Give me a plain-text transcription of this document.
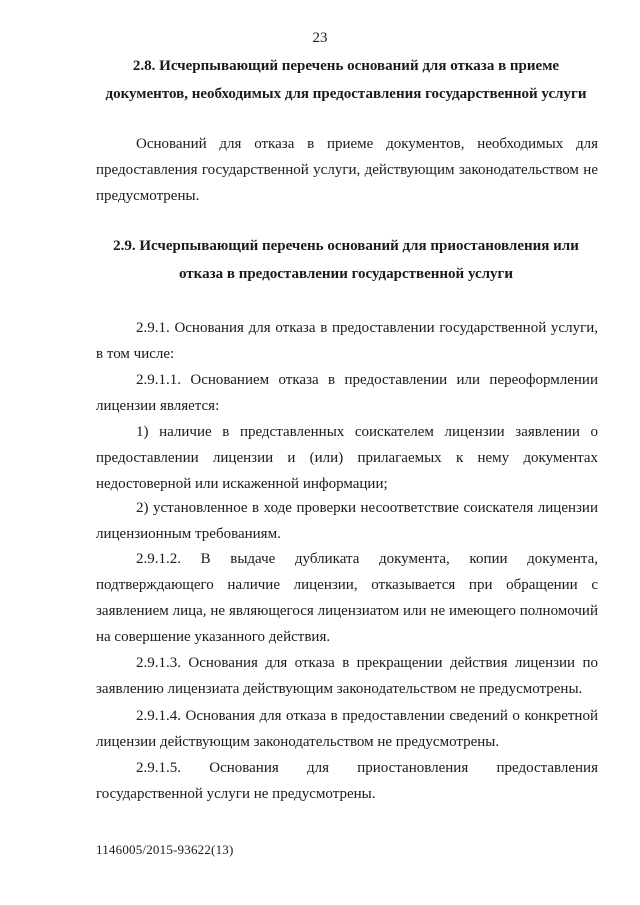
23
2.8. Исчерпывающий перечень оснований для отказа в приеме документов, необходимых для предоставления государственной услуги

Оснований для отказа в приеме документов, необходимых для предоставления государственной услуги, действующим законодательством не предусмотрены.

2.9. Исчерпывающий перечень оснований для приостановления или отказа в предоставлении государственной услуги

2.9.1. Основания для отказа в предоставлении государственной услуги, в том числе:

2.9.1.1. Основанием отказа в предоставлении или переоформлении лицензии является:

1) наличие в представленных соискателем лицензии заявлении о предоставлении лицензии и (или) прилагаемых к нему документах недостоверной или искаженной информации;

2) установленное в ходе проверки несоответствие соискателя лицензии лицензионным требованиям.

2.9.1.2. В выдаче дубликата документа, копии документа, подтверждающего наличие лицензии, отказывается при обращении с заявлением лица, не являющегося лицензиатом или не имеющего полномочий на совершение указанного действия.

2.9.1.3. Основания для отказа в прекращении действия лицензии по заявлению лицензиата действующим законодательством не предусмотрены.

2.9.1.4. Основания для отказа в предоставлении сведений о конкретной лицензии действующим законодательством не предусмотрены.

2.9.1.5. Основания для приостановления предоставления государственной услуги не предусмотрены.

1146005/2015-93622(13)
